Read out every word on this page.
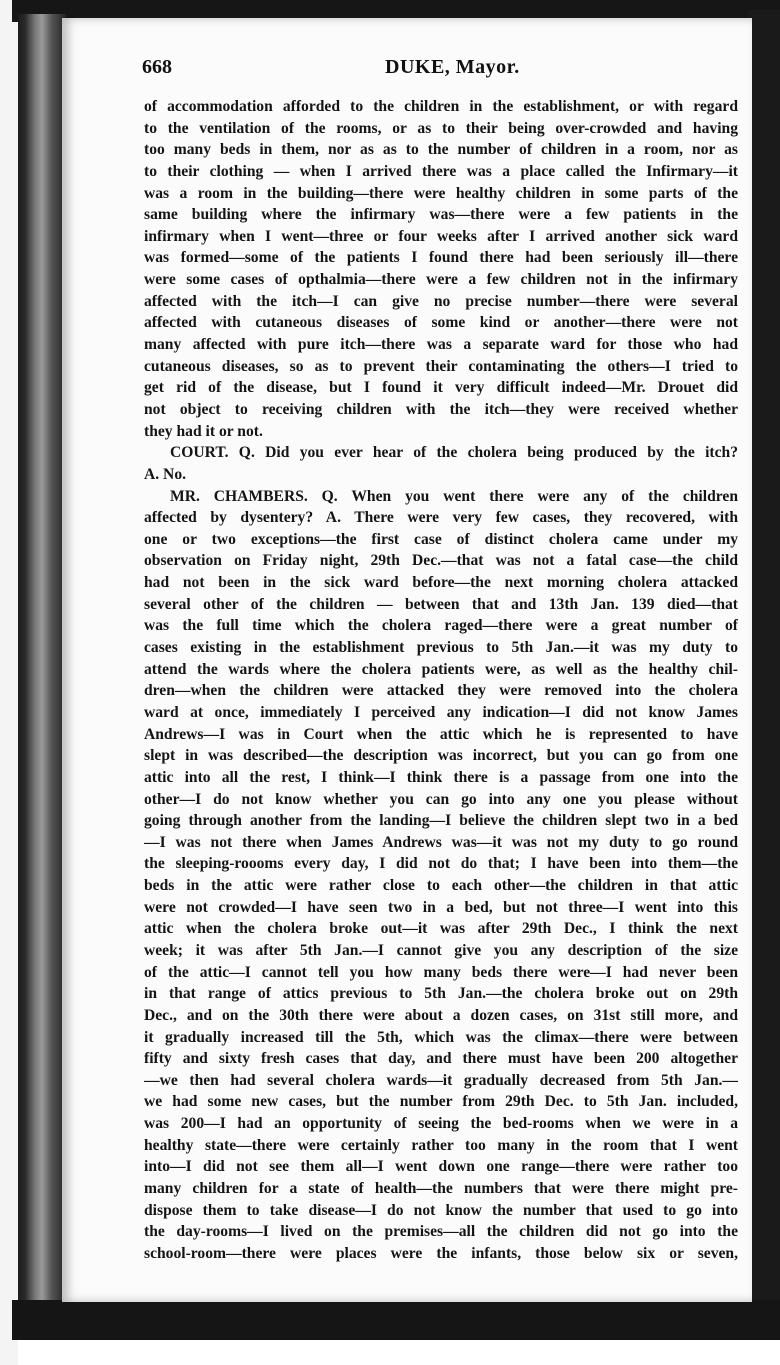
668	DUKE, Mayor.
of accommodation afforded to the children in the establishment, or with regard
to the ventilation of the rooms, or as to their being over-crowded and having
too many beds in them, nor as as to the number of children in a room, nor as
to their clothing — when I arrived there was a place called the Infirmary—it
was a room in the building—there were healthy children in some parts of the
same building where the infirmary was—there were a few patients in the
infirmary when I went—three or four weeks after I arrived another sick ward
was formed—some of the patients I found there had been seriously ill—there
were some cases of opthalmia—there were a few children not in the infirmary
affected with the itch—I can give no precise number—there were several
affected with cutaneous diseases of some kind or another—there were not
many affected with pure itch—there was a separate ward for those who had
cutaneous diseases, so as to prevent their contaminating the others—I tried to
get rid of the disease, but I found it very difficult indeed—Mr. Drouet did
not object to receiving children with the itch—they were received whether
they had it or not.
COURT. Q. Did you ever hear of the cholera being produced by the itch?
A. No.
MR. CHAMBERS. Q. When you went there were any of the children
affected by dysentery? A. There were very few cases, they recovered, with
one or two exceptions—the first case of distinct cholera came under my
observation on Friday night, 29th Dec.—that was not a fatal case—the child
had not been in the sick ward before—the next morning cholera attacked
several other of the children — between that and 13th Jan. 139 died—that
was the full time which the cholera raged—there were a great number of
cases existing in the establishment previous to 5th Jan.—it was my duty to
attend the wards where the cholera patients were, as well as the healthy chil-
dren—when the children were attacked they were removed into the cholera
ward at once, immediately I perceived any indication—I did not know James
Andrews—I was in Court when the attic which he is represented to have
slept in was described—the description was incorrect, but you can go from one
attic into all the rest, I think—I think there is a passage from one into the
other—I do not know whether you can go into any one you please without
going through another from the landing—I believe the children slept two in a bed
—I was not there when James Andrews was—it was not my duty to go round
the sleeping-roooms every day, I did not do that; I have been into them—the
beds in the attic were rather close to each other—the children in that attic
were not crowded—I have seen two in a bed, but not three—I went into this
attic when the cholera broke out—it was after 29th Dec., I think the next
week; it was after 5th Jan.—I cannot give you any description of the size
of the attic—I cannot tell you how many beds there were—I had never been
in that range of attics previous to 5th Jan.—the cholera broke out on 29th
Dec., and on the 30th there were about a dozen cases, on 31st still more, and
it gradually increased till the 5th, which was the climax—there were between
fifty and sixty fresh cases that day, and there must have been 200 altogether
—we then had several cholera wards—it gradually decreased from 5th Jan.—
we had some new cases, but the number from 29th Dec. to 5th Jan. included,
was 200—I had an opportunity of seeing the bed-rooms when we were in a
healthy state—there were certainly rather too many in the room that I went
into—I did not see them all—I went down one range—there were rather too
many children for a state of health—the numbers that were there might pre-
dispose them to take disease—I do not know the number that used to go into
the day-rooms—I lived on the premises—all the children did not go into the
school-room—there were places were the infants, those below six or seven,
